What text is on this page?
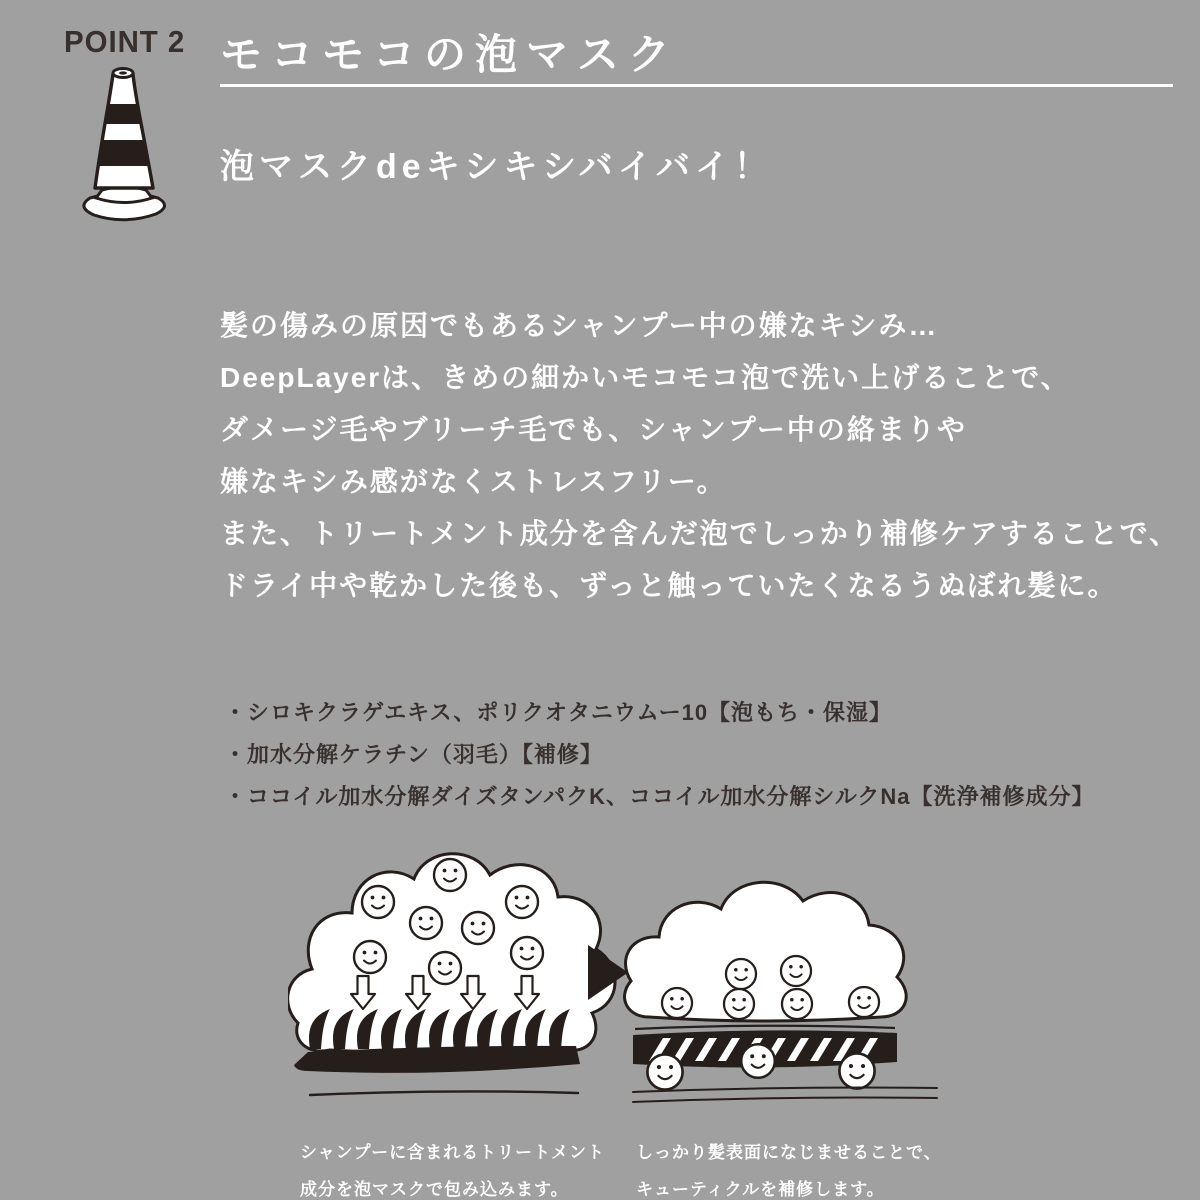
POINT 2 モコモコの泡マスク
泡マスクdeキシキシバイバイ！

髪の傷みの原因でもあるシャンプー中の嫌なキシみ…

DeepLayerは、きめの細かいモコモコ泡で洗い上げることで、

ダメージ毛やブリーチ毛でも、シャンプー中の絡まりや

嫌なキシみ感がなくストレスフリー。

また、トリートメント成分を含んだ泡でしっかり補修ケアすることで、

ドライ中や乾かした後も、ずっと触っていたくなるうぬぼれ髪に。

・シロキクラゲエキス、ポリクオタニウムー10【泡もち・保湿】
・加水分解ケラチン（羽毛）【補修】
・ココイル加水分解ダイズタンパクK、ココイル加水分解シルクNa【洗浄補修成分】

シャンプーに含まれるトリートメント

成分を泡マスクで包み込みます。

しっかり髪表面になじませることで、

キューティクルを補修します。
